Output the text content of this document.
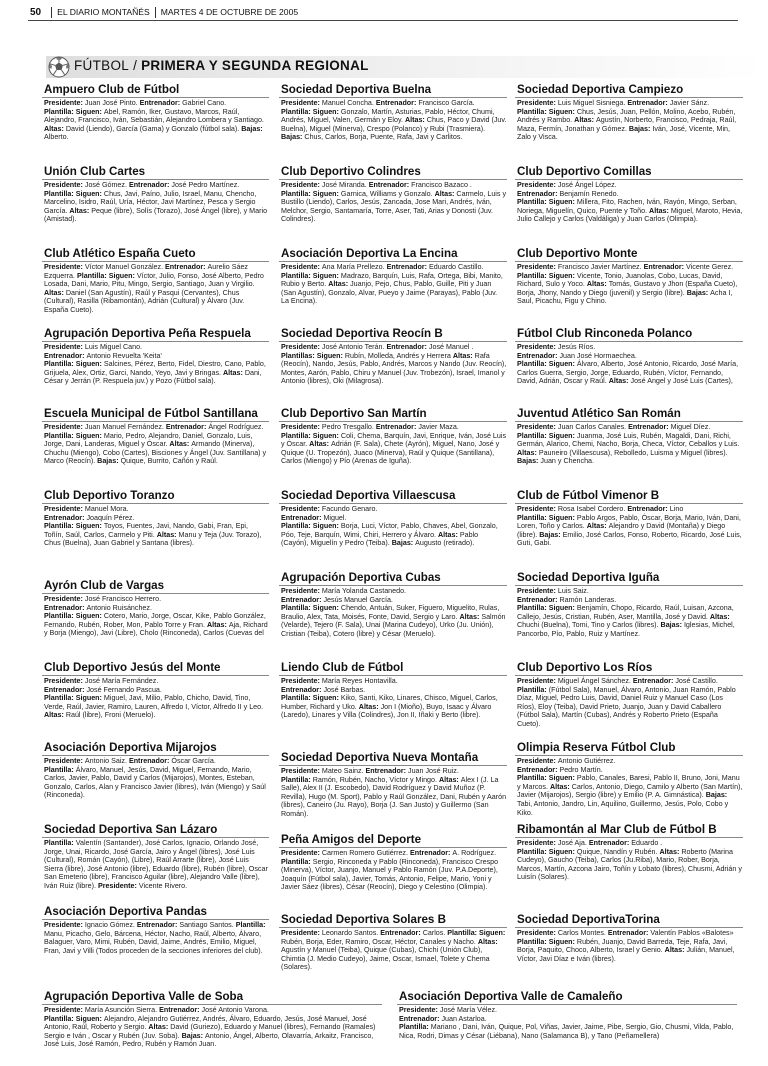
50 EL DIARIO MONTAÑÉS MARTES 4 DE OCTUBRE DE 2005
FÚTBOL / PRIMERA Y SEGUNDA REGIONAL
Ampuero Club de Fútbol
Presidente: Juan José Pinto. Entrenador: Gabriel Cano.
Plantilla: Siguen: Abel, Ramón, Iker, Gustavo, Marcos, Raúl, Alejandro, Francisco, Iván, Sebastián, Alejandro Lombera y Santiago. Altas: David (Liendo), García (Gama) y Gonzalo (fútbol sala). Bajas: Alberto.
Unión Club Cartes
Presidente: José Gómez. Entrenador: José Pedro Martínez.
Plantilla: Siguen: Chus, Javi, Paíno, Julio, Israel, Manu, Chencho, Marcelino, Isidro, Raúl, Uría, Héctor, Javi Martínez, Pesca y Sergio García. Altas: Peque (libre), Solís (Torazo), José Ángel (libre), y Mario (Amistad).
Club Atlético España Cueto
Presidente: Víctor Manuel González. Entrenador: Aurelio Sáez Ezquerra. Plantilla: Siguen: Víctor, Julio, Fonso, José Alberto, Pedro Losada, Dani, Mario, Pitu, Mingo, Sergio, Santiago, Juan y Virgilio. Altas: Daniel (San Agustín), Raúl y Pasqui (Cervantes), Chus (Cultural), Rasilla (Ribamontán), Adrián (Cultural) y Álvaro (Juv. España Cueto).
Agrupación Deportiva Peña Respuela
Presidente: Luis Miguel Cano.
Entrenador: Antonio Revuelta 'Keita'
Plantilla: Siguen: Salcines, Pérez, Berto, Fidel, Diestro, Cano, Pablo, Grijuela, Alex, Ortiz, Garci, Nando, Yeyo, Javi y Bringas. Altas: Dani, César y Jerrán (P. Respuela juv.) y Pozo (Fútbol sala).
Escuela Municipal de Fútbol Santillana
Presidente: Juan Manuel Fernández. Entrenador: Ángel Rodríguez.
Plantilla: Siguen: Mario, Pedro, Alejandro, Daniel, Gonzalo, Luis, Jorge, Dani, Landeras, Miguel y Óscar. Altas: Armando (Minerva), Chuchu (Miengo), Cobo (Cartes), Bisciones y Ángel (Juv. Santillana) y Marco (Reocín). Bajas: Quique, Burrito, Cañón y Raúl.
Club Deportivo Toranzo
Presidente: Manuel Mora.
Entrenador: Joaquín Pérez.
Plantilla: Siguen: Toyos, Fuentes, Javi, Nando, Gabi, Fran, Epi, Toñín, Saúl, Carlos, Carmelo y Piti. Altas: Manu y Teja (Juv. Torazo), Chus (Buelna), Juan Gabriel y Santana (libres).
Ayrón Club de Vargas
Presidente: José Francisco Herrero.
Entrenador: Antonio Ruisánchez.
Plantilla: Siguen: Cotero, Mario, Jorge, Oscar, Kike, Pablo González, Fernando, Rubén, Rober, Mon, Pablo Torre y Fran. Altas: Aja, Richard y Borja (Miengo), Javi (Libre), Cholo (Rinconeda), Carlos (Cuevas del
Club Deportivo Jesús del Monte
Presidente: José María Fernández.
Entrenador: José Fernando Pascua.
Plantilla: Siguen: Miguel, Javi, Milio, Pablo, Chicho, David, Tino, Verde, Raúl, Javier, Ramiro, Lauren, Alfredo I, Víctor, Alfredo II y Leo. Altas: Raúl (libre), Froni (Meruelo).
Asociación Deportiva Mijarojos
Presidente: Antonio Saiz. Entrenador: Óscar García.
Plantilla: Álvaro, Manuel, Jesús, David, Miguel, Fernando, Mario, Carlos, Javier, Pablo, David y Carlos (Mijarojos), Montes, Esteban, Gonzalo, Carlos, Alan y Francisco Javier (libres), Iván (Miengo) y Saúl (Rinconeda).
Sociedad Deportiva San Lázaro
Plantilla: Valentín (Santander), José Carlos, Ignacio, Orlando José, Jorge, Unai, Ricardo, José García, Jairo y Ángel (libres), José Luis (Cultural), Román (Cayón), (Libre), Raúl Arrarte (libre), José Luis Sierra (libre), José Antonio (libre), Eduardo (libre), Rubén (libre), Oscar San Emeterio (libre), Francisco Aguilar (libre), Alejandro Valle (libre), Iván Ruiz (libre). Presidente: Vicente Rivero.
Asociación Deportiva Pandas
Presidente: Ignacio Gómez. Entrenador: Santiago Santos. Plantilla: Manu, Picacho, Gelo, Bárcena, Héctor, Nacho, Raúl, Alberto, Álvaro, Balaguer, Varo, Mimi, Rubén, David, Jaime, Andrés, Emilio, Miguel, Fran, Javi y Villi (Todos proceden de la secciones inferiores del club).
Sociedad Deportiva Buelna
Presidente: Manuel Concha. Entrenador: Francisco García.
Plantilla: Siguen: Gonzalo, Martín, Asturias, Pablo, Héctor, Chumi, Andrés, Miguel, Valen, Germán y Eloy. Altas: Chus, Paco y David (Juv. Buelna), Miguel (Minerva), Crespo (Polanco) y Rubi (Trasmiera). Bajas: Chus, Carlos, Borja, Puente, Rafa, Javi y Carlitos.
Club Deportivo Colindres
Presidente: José Miranda. Entrenador: Francisco Bazaco .
Plantilla: Siguen: Garnica, Williams y Gonzalo. Altas: Carmelo, Luis y Bustillo (Liendo), Carlos, Jesús, Zancada, Jose Mari, Andrés, Iván, Melchor, Sergio, Santamaría, Torre, Aser, Tati, Arias y Donosti (Juv. Colindres).
Asociación Deportiva La Encina
Presidente: Ana María Prellezo. Entrenador: Eduardo Castillo.
Plantilla: Siguen: Madrazo, Barquín, Luis, Rafa, Ortega, Bibi, Manito, Rubio y Berto. Altas: Juanjo, Pejo, Chus, Pablo, Guille, Piti y Juan (San Agustín), Gonzalo, Alvar, Pueyo y Jaime (Parayas), Pablo (Juv. La Encina).
Sociedad Deportiva Reocín B
Presidente: José Antonio Terán. Entrenador: José Manuel .
Plantillas: Siguen: Rubín, Molleda, Andrés y Herrera Altas: Rafa (Reocín), Nando, Jesús, Pablo, Andrés, Marcos y Nando (Juv. Reocín), Montes, Aarón, Pablo, Chiru y Manuel (Juv. Trobezón), Israel, Imanol y Antonio (libres), Oki (Milagrosa).
Club Deportivo San Martín
Presidente: Pedro Tresgallo. Entrenador: Javier Maza.
Plantilla: Siguen: Coli, Chema, Barquín, Javi, Enrique, Iván, José Luis y Óscar. Altas: Adrián (F. Sala), Chete (Ayrón), Miguel, Nano, José y Quique (U. Tropezón), Juaco (Minerva), Raúl y Quique (Santillana), Carlos (Miengo) y Pío (Arenas de Iguña).
Sociedad Deportiva Villaescusa
Presidente: Facundo Genaro.
Entrenador: Miguel.
Plantilla: Siguen: Borja, Luci, Víctor, Pablo, Chaves, Abel, Gonzalo, Póo, Teje, Barquín, Wimi, Chiri, Herrero y Álvaro. Altas: Pablo (Cayón), Miguelín y Pedro (Teiba). Bajas: Augusto (retirado).
Agrupación Deportiva Cubas
Presidente: María Yolanda Castanedo.
Entrenador: Jesús Manuel García.
Plantilla: Siguen: Chendo, Antuán, Suker, Figuero, Miguelito, Rulas, Braulio, Alex, Tata, Moisés, Fonte, David, Sergio y Laro. Altas: Salmón (Velarde), Tejero (F. Sala), Unai (Marina Cudeyo), Urko (Ju. Unión), Cristian (Teiba), Cotero (libre) y César (Meruelo).
Liendo Club de Fútbol
Presidente: María Reyes Hontavilla.
Entrenador: José Barbas.
Plantilla: Siguen: Kiko, Santi, Kiko, Linares, Chisco, Miguel, Carlos, Humber, Richard y Uko. Altas: Jon I (Mioño), Buyo, Isaac y Álvaro (Laredo), Linares y Villa (Colindres), Jon II, Iñaki y Berto (libre).
Sociedad Deportiva Nueva Montaña
Presidente: Mateo Sainz. Entrenador: Juan José Ruiz.
Plantilla: Ramón, Rubén, Nacho, Víctor y Mingo. Altas: Alex I (J. La Salle), Alex II (J. Escobedo), David Rodríguez y David Muñoz (P. Revilla), Hugo (M. Sport), Pablo y Raúl González, Dani, Rubén y Aarón (libres), Caneiro (Ju. Rayo), Borja (J. San Justo) y Guillermo (San Román).
Peña Amigos del Deporte
Presidente: Carmen Romero Gutiérrez. Entrenador: A. Rodríguez.
Plantilla: Sergio, Rinconeda y Pablo (Rinconeda), Francisco Crespo (Minerva), Víctor, Juanjo, Manuel y Pablo Ramón (Juv. P.A.Deporte), Joaquín (Fútbol sala), Javier, Tomás, Antonio, Felipe, Mario, Yoni y Javier Sáez (libres), César (Reocín), Diego y Celestino (Olimpia).
Sociedad Deportiva Solares B
Presidente: Leonardo Santos. Entrenador: Carlos. Plantilla: Siguen: Rubén, Borja, Eder, Ramiro, Oscar, Héctor, Canales y Nacho. Altas: Agustín y Manuel (Teiba), Quique (Cubas), Chichi (Unión Club), Chimtia (J. Medio Cudeyo), Jaime, Oscar, Ismael, Tolete y Chema (Solares).
Sociedad Deportiva Campiezo
Presidente: Luis Miguel Sisniega. Entrenador: Javier Sánz.
Plantilla: Siguen: Chus, Jesús, Juan, Pellón, Molino, Acebo, Rubén, Andrés y Rambo. Altas: Agustín, Norberto, Francisco, Pedraja, Raúl, Maza, Fermín, Jonathan y Gómez. Bajas: Iván, José, Vicente, Min, Zalo y Visca.
Club Deportivo Comillas
Presidente: José Ángel López.
Entrenador: Benjamín Renedo.
Plantilla: Siguen: Millera, Fito, Rachen, Iván, Rayón, Mingo, Serban, Noriega, Miguelín, Quico, Puente y Toño. Altas: Miguel, Maroto, Hevia, Julio Callejo y Carlos (Valdáliga) y Juan Carlos (Olimpia).
Club Deportivo Monte
Presidente: Francisco Javier Martínez. Entrenador: Vicente Gerez.
Plantilla: Siguen: Vicente, Tonio, Juanolas, Cobo, Lucas, David, Richard, Sulo y Yoco. Altas: Tomás, Gustavo y Jhon (España Cueto), Borja, Jhony, Nando y Diego (juvenil) y Sergio (libre). Bajas: Acha I, Saul, Picachu, Figu y Chino.
Fútbol Club Rinconeda Polanco
Presidente: Jesús Ríos.
Entrenador: Juan José Hormaechea.
Plantilla: Siguen: Álvaro, Alberto, José Antonio, Ricardo, José María, Carlos Guerra, Sergio, Jorge, Eduardo, Rubén, Víctor, Fernando, David, Adrián, Oscar y Raúl. Altas: José Angel y José Luis (Cartes),
Juventud Atlético San Román
Presidente: Juan Carlos Canales. Entrenador: Miguel Díez.
Plantilla: Siguen: Juanma, José Luis, Rubén, Magaldi, Dani, Richi, Germán, Alarico, Chemi, Nacho, Borja, Checa, Víctor, Ceballos y Luis. Altas: Pauneiro (Villaescusa), Rebolledo, Luisma y Miguel (libres). Bajas: Juan y Chencha.
Club de Fútbol Vimenor B
Presidente: Rosa Isabel Cordero. Entrenador: Lino
Plantilla: Siguen: Pablo Argos, Pablo, Óscar, Borja, Mario, Iván, Dani, Loren, Toño y Carlos. Altas: Alejandro y David (Montaña) y Diego (libre). Bajas: Emilio, José Carlos, Fonso, Roberto, Ricardo, José Luis, Guti, Gabi.
Sociedad Deportiva Iguña
Presidente: Luis Saiz.
Entrenador: Ramón Landeras.
Plantilla: Siguen: Benjamín, Chopo, Ricardo, Raúl, Luisan, Azcona, Callejo, Jesús, Cristian, Rubén, Aser, Mantilla, José y David. Altas: Chuchi (Buelna), Tomi, Tino y Carlos (libres). Bajas: Iglesias, Michel, Pancorbo, Pío, Pablo, Ruiz y Martínez.
Club Deportivo Los Ríos
Presidente: Miguel Ángel Sánchez. Entrenador: José Castillo.
Plantilla: (Fútbol Sala), Manuel, Álvaro, Antonio, Juan Ramón, Pablo Díaz, Miguel, Pedro Luis, David, Daniel Ruiz y Manuel Caso (Los Ríos), Eloy (Teiba), David Prieto, Juanjo, Juan y David Caballero (Fútbol Sala), Martín (Cubas), Andrés y Roberto Prieto (España Cueto).
Olimpia Reserva Fútbol Club
Presidente: Antonio Gutiérrez.
Entrenador: Pedro Martín.
Plantilla: Siguen: Pablo, Canales, Baresi, Pablo II, Bruno, Joni, Manu y Marcos. Altas: Carlos, Antonio, Diego, Camilo y Alberto (San Martín), Javier (Mijarojos), Sergio (libre) y Emilio (P. A. Gimnástica). Bajas: Tabi, Antonio, Jandro, Lin, Aquilino, Guillermo, Jesús, Polo, Cobo y Kiko.
Ribamontán al Mar Club de Fútbol B
Presidente: José Aja. Entrenador: Eduardo .
Plantilla: Siguen: Quique, Nandín y Rubén. Altas: Roberto (Marina Cudeyo), Gaucho (Teiba), Carlos (Ju.Riba), Mario, Rober, Borja, Marcos, Martín, Azcona Jairo, Toñín y Lobato (libres), Chusmi, Adrián y Luisín (Solares).
Sociedad DeportivaTorina
Presidente: Carlos Montes. Entrenador: Valentín Pablos «Balotes» Plantilla: Siguen: Rubén, Juanjo, David Barreda, Teje, Rafa, Javi, Borja, Paquito, Choco, Alberto, Israel y Genio. Altas: Julián, Manuel, Víctor, Javi Díaz e Iván (libres).
Agrupación Deportiva Valle de Soba
Presidente: María Asunción Sierra. Entrenador: José Antonio Varona.
Plantilla: Siguen: Alejandro, Alejandro Gutiérrez, Andrés, Álvaro, Eduardo, Jesús, José Manuel, José Antonio, Raúl, Roberto y Sergio. Altas: David (Guriezo), Eduardo y Manuel (libres), Fernando (Ramales) Sergio e Iván , Oscar y Rubén (Juv. Soba). Bajas: Antonio, Ángel, Alberto, Olavarría, Arkaitz, Francisco, José Luis, José Ramón, Pedro, Rubén y Ramón Juan.
Asociación Deportiva Valle de Camaleño
Presidente: José María Vélez.
Entrenador: Juan Astarloa.
Plantilla: Mariano , Dani, Iván, Quique, Pol, Viñas, Javier, Jaime, Pibe, Sergio, Gio, Chusmi, Vilda, Pablo, Nica, Rodri, Dimas y César (Liébana), Nano (Salamanca B), y Tano (Peñamellera)
